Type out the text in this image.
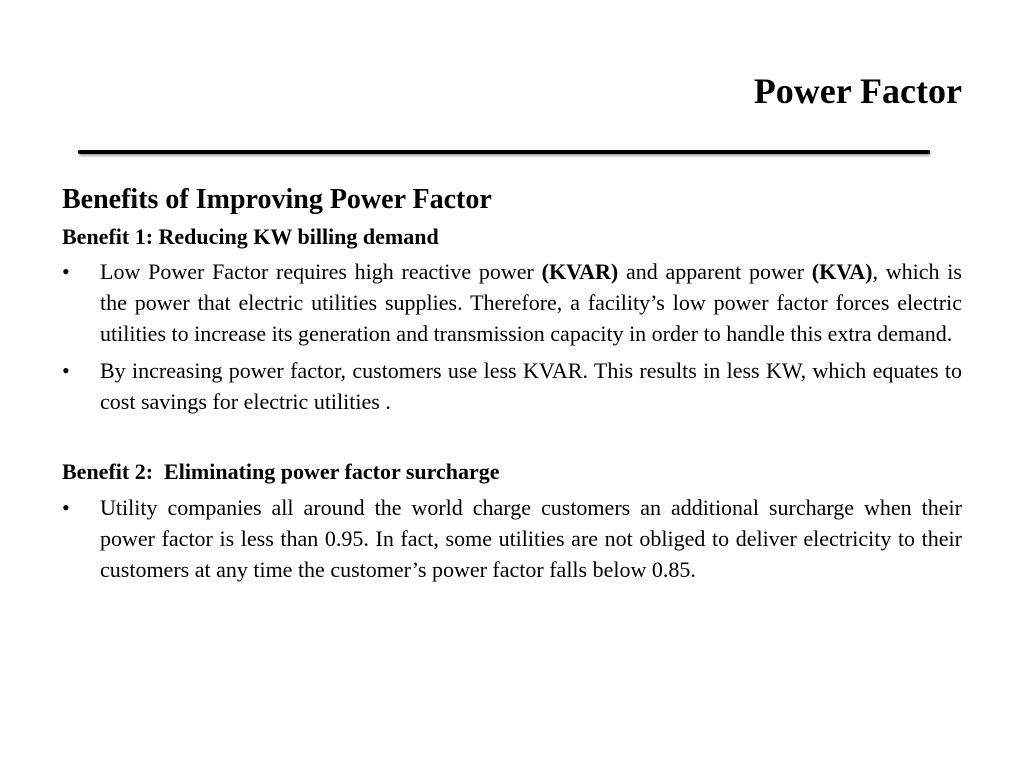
Power Factor
Benefits of Improving Power Factor
Benefit 1: Reducing KW billing demand
• Low Power Factor requires high reactive power (KVAR) and apparent power (KVA), which is the power that electric utilities supplies. Therefore, a facility’s low power factor forces electric utilities to increase its generation and transmission capacity in order to handle this extra demand.
• By increasing power factor, customers use less KVAR. This results in less KW, which equates to cost savings for electric utilities .
Benefit 2:  Eliminating power factor surcharge
• Utility companies all around the world charge customers an additional surcharge when their power factor is less than 0.95. In fact, some utilities are not obliged to deliver electricity to their customers at any time the customer’s power factor falls below 0.85.
